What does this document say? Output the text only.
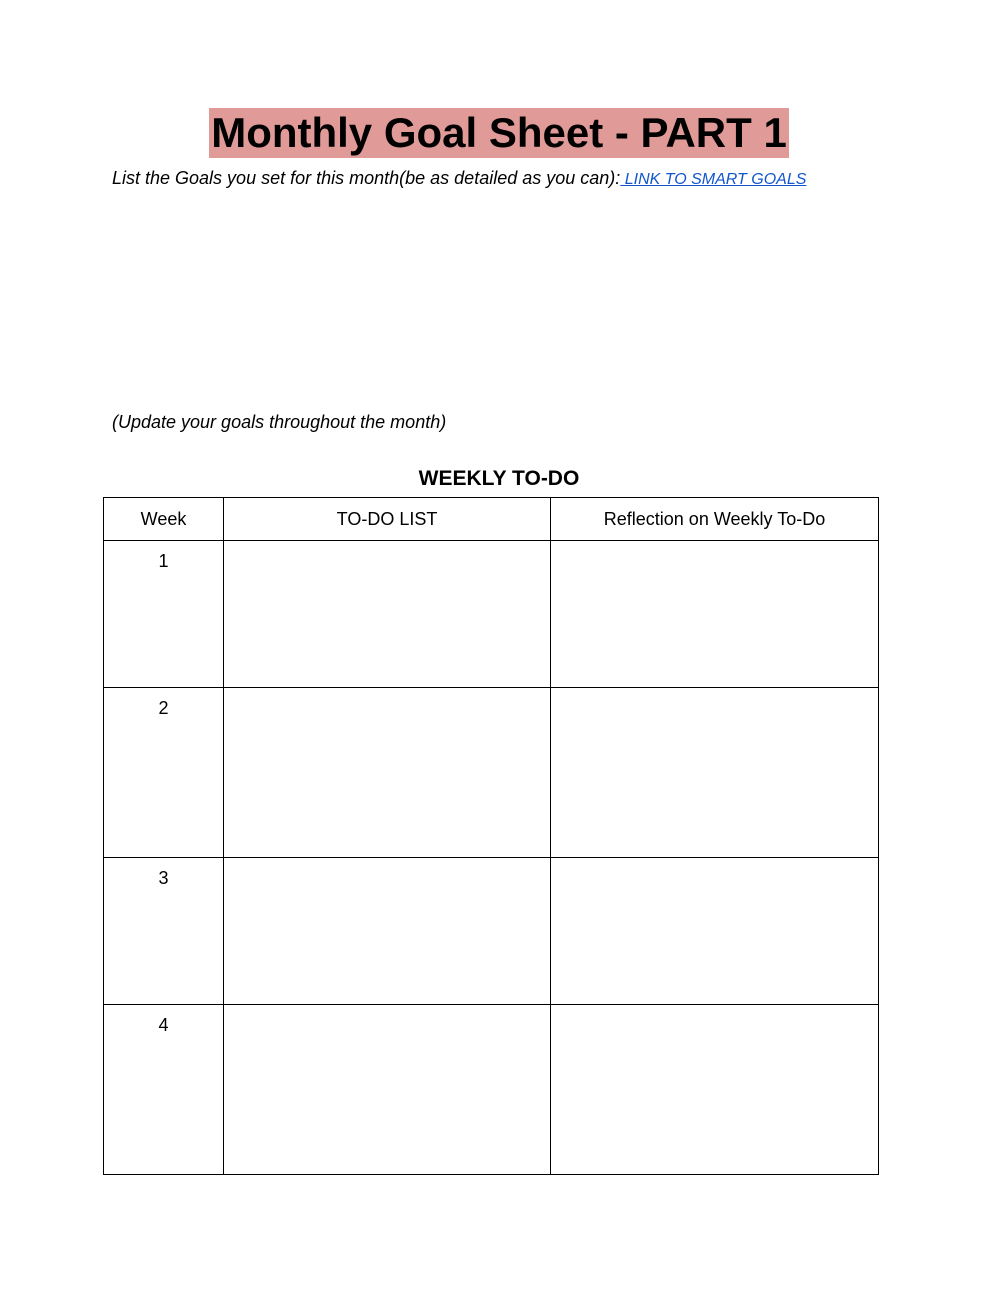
Monthly Goal Sheet - PART 1
List the Goals you set for this month(be as detailed as you can): LINK TO SMART GOALS
(Update your goals throughout the month)
WEEKLY TO-DO
Week	TO-DO LIST	Reflection on Weekly To-Do
1		
2		
3		
4		
